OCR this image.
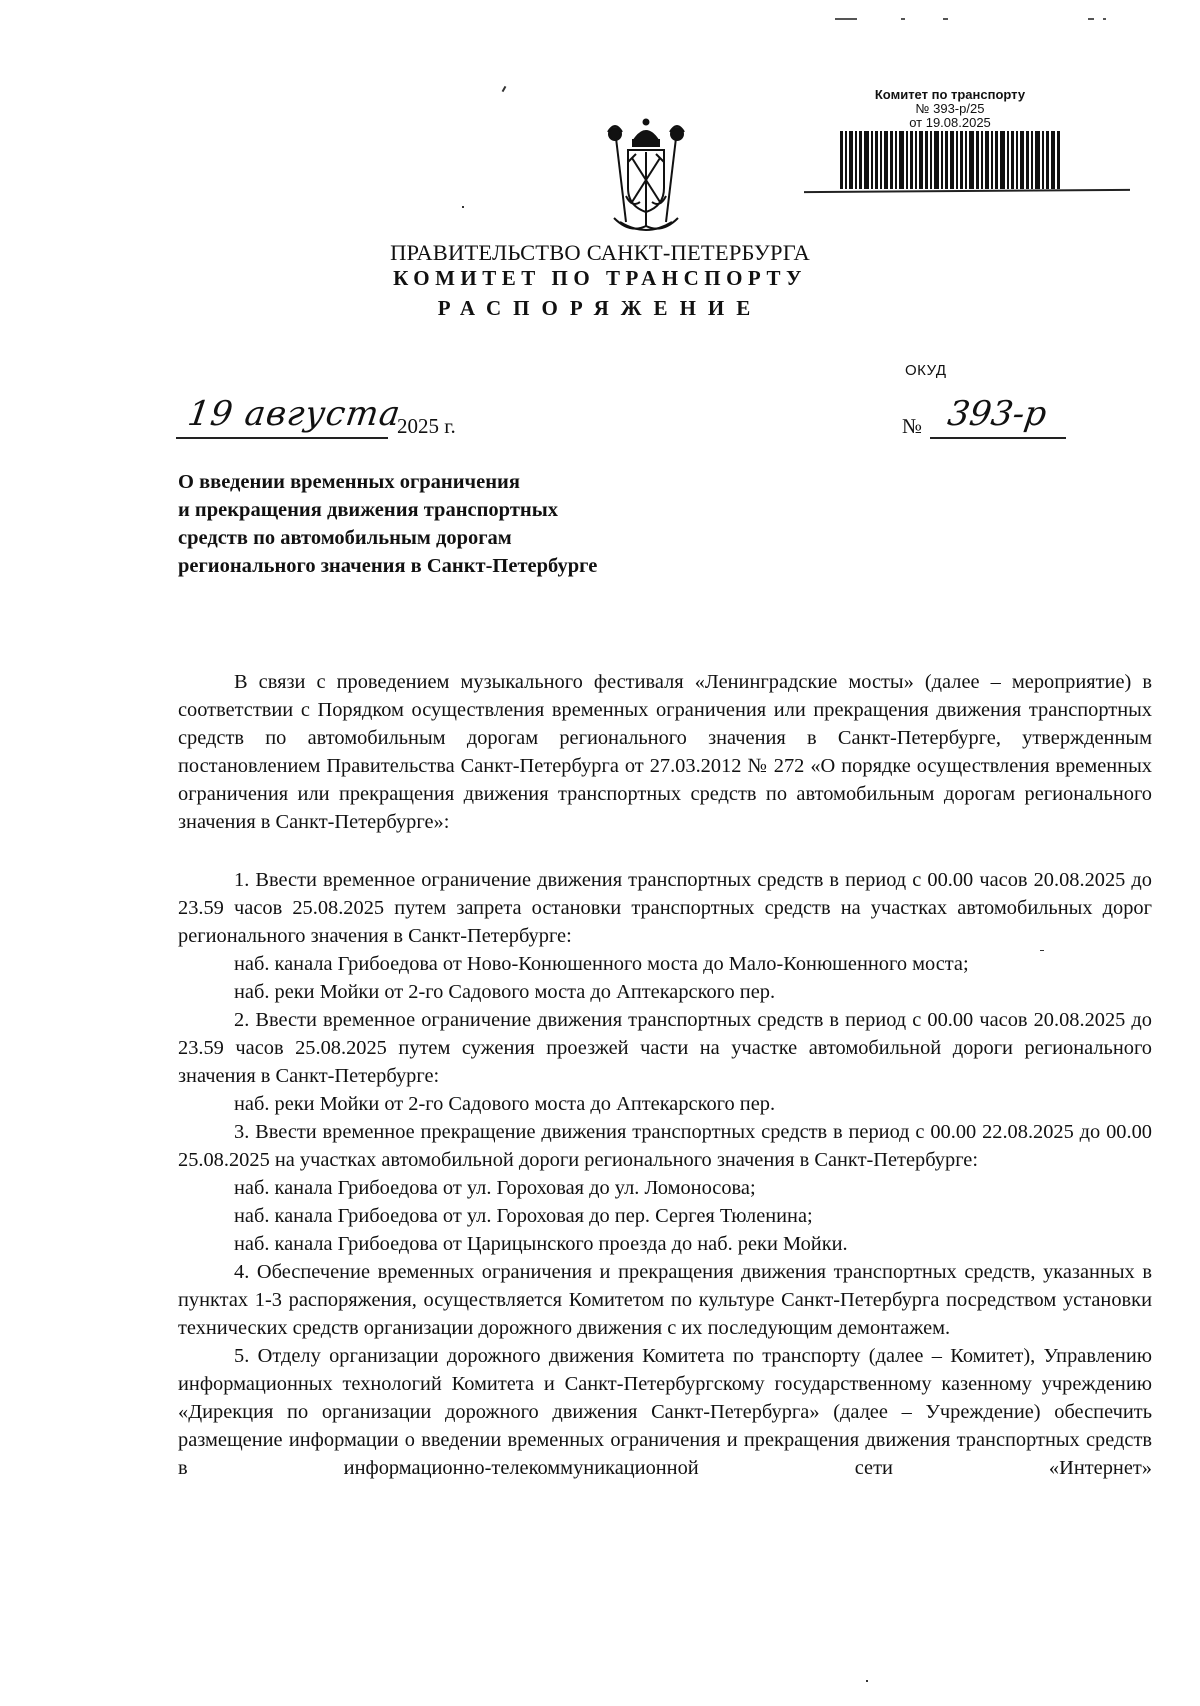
Комитет по транспорту
№ 393-р/25
от 19.08.2025
ПРАВИТЕЛЬСТВО САНКТ-ПЕТЕРБУРГА
КОМИТЕТ ПО ТРАНСПОРТУ
РАСПОРЯЖЕНИЕ
ОКУД
19 августа
2025 г.	№ 393-р
О введении временных ограничения
и прекращения движения транспортных
средств по автомобильным дорогам
регионального значения в Санкт-Петербурге

В связи с проведением музыкального фестиваля «Ленинградские мосты» (далее – мероприятие) в соответствии с Порядком осуществления временных ограничения или прекращения движения транспортных средств по автомобильным дорогам регионального значения в Санкт-Петербурге, утвержденным постановлением Правительства Санкт-Петербурга от 27.03.2012 № 272 «О порядке осуществления временных ограничения или прекращения движения транспортных средств по автомобильным дорогам регионального значения в Санкт-Петербурге»:

1. Ввести временное ограничение движения транспортных средств в период с 00.00 часов 20.08.2025 до 23.59 часов 25.08.2025 путем запрета остановки транспортных средств на участках автомобильных дорог регионального значения в Санкт-Петербурге:

наб. канала Грибоедова от Ново-Конюшенного моста до Мало-Конюшенного моста;

наб. реки Мойки от 2-го Садового моста до Аптекарского пер.

2. Ввести временное ограничение движения транспортных средств в период с 00.00 часов 20.08.2025 до 23.59 часов 25.08.2025 путем сужения проезжей части на участке автомобильной дороги регионального значения в Санкт-Петербурге:

наб. реки Мойки от 2-го Садового моста до Аптекарского пер.

3. Ввести временное прекращение движения транспортных средств в период с 00.00 22.08.2025 до 00.00 25.08.2025 на участках автомобильной дороги регионального значения в Санкт-Петербурге:

наб. канала Грибоедова от ул. Гороховая до ул. Ломоносова;

наб. канала Грибоедова от ул. Гороховая до пер. Сергея Тюленина;

наб. канала Грибоедова от Царицынского проезда до наб. реки Мойки.

4. Обеспечение временных ограничения и прекращения движения транспортных средств, указанных в пунктах 1-3 распоряжения, осуществляется Комитетом по культуре Санкт-Петербурга посредством установки технических средств организации дорожного движения с их последующим демонтажем.

5. Отделу организации дорожного движения Комитета по транспорту (далее – Комитет), Управлению информационных технологий Комитета и Санкт-Петербургскому государственному казенному учреждению «Дирекция по организации дорожного движения Санкт-Петербурга» (далее – Учреждение) обеспечить размещение информации о введении временных ограничения и прекращения движения транспортных средств в информационно-телекоммуникационной сети «Интернет»
